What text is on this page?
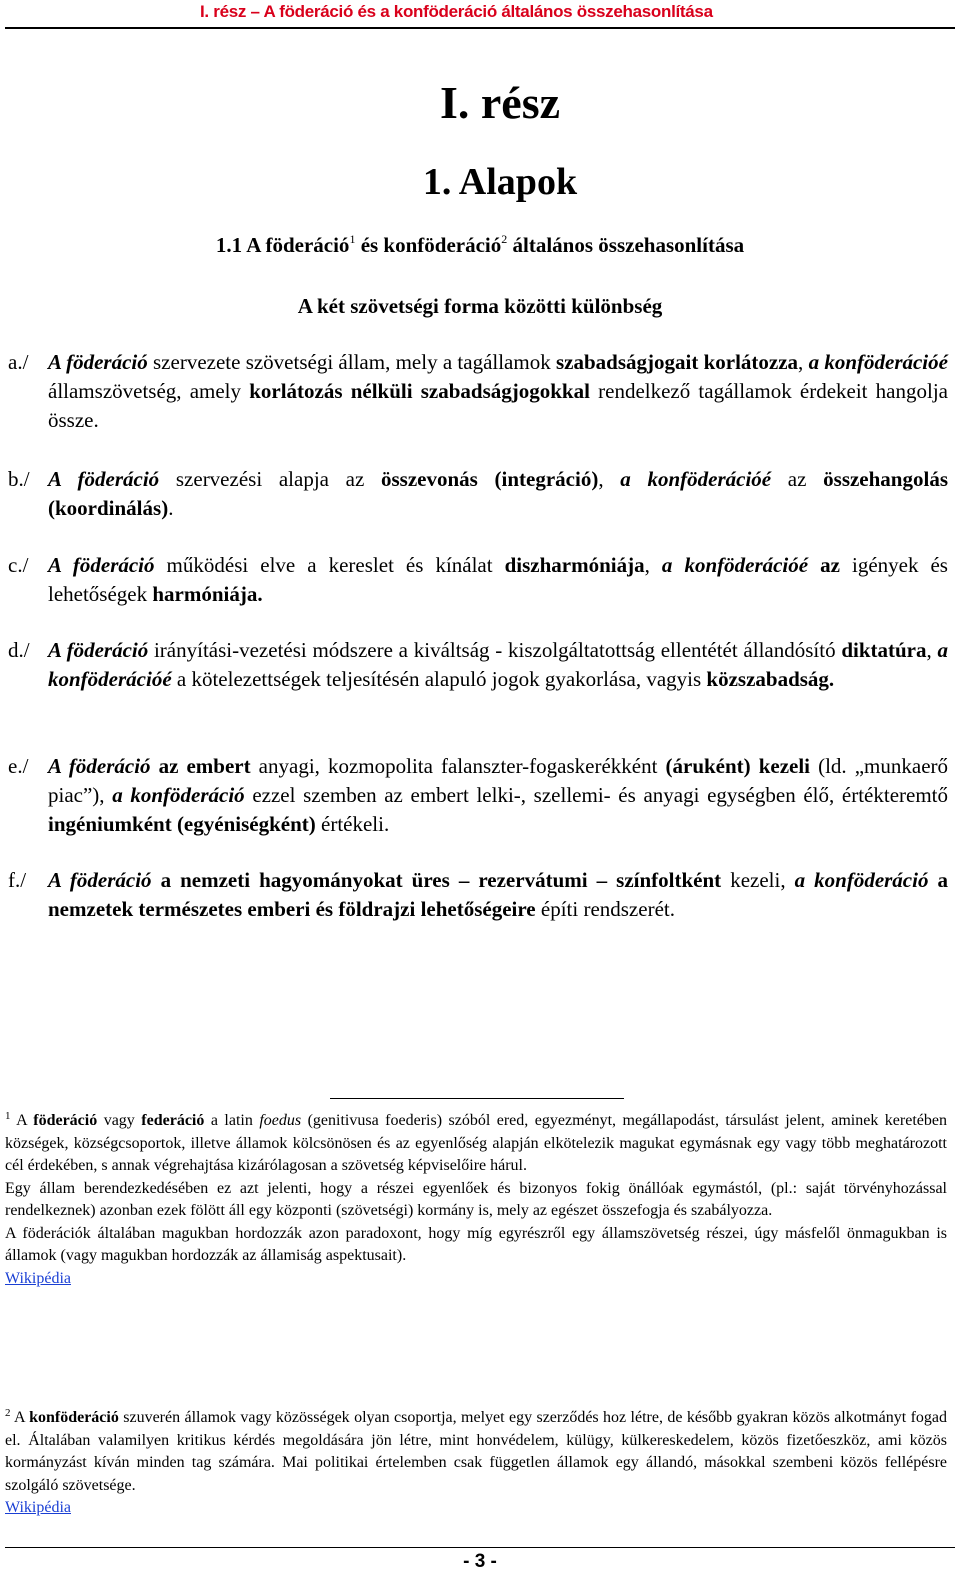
I. rész – A föderáció és a konföderáció általános összehasonlítása
I. rész
1. Alapok
1.1 A föderáció$^1$ és konföderáció$^2$ általános összehasonlítása
A két szövetségi forma közötti különbség
a./ A föderáció szervezete szövetségi állam, mely a tagállamok szabadságjogait korlátozza, a konföderációé államszövetség, amely korlátozás nélküli szabadságjogokkal rendelkező tagállamok érdekeit hangolja össze.
b./ A föderáció szervezési alapja az összevonás (integráció), a konföderációé az összehangolás (koordinálás).
c./ A föderáció működési elve a kereslet és kínálat diszharmóniája, a konföderációé az igények és lehetőségek harmóniája.
d./ A föderáció irányítási-vezetési módszere a kiváltság - kiszolgáltatottság ellentétét állandósító diktatúra, a konföderációé a kötelezettségek teljesítésén alapuló jogok gyakorlása, vagyis közszabadság.
e./ A föderáció az embert anyagi, kozmopolita falanszter-fogaskerékként (áruként) kezeli (ld. „munkaerő piac”), a konföderáció ezzel szemben az embert lelki-, szellemi- és anyagi egységben élő, értékteremtő ingéniumként (egyéniségként) értékeli.
f./ A föderáció a nemzeti hagyományokat üres – rezervátumi – színfoltként kezeli, a konföderáció a nemzetek természetes emberi és földrajzi lehetőségeire építi rendszerét.

$^1$ A föderáció vagy federáció a latin foedus (genitivusa foederis) szóból ered, egyezményt, megállapodást, társulást jelent, aminek keretében községek, községcsoportok, illetve államok kölcsönösen és az egyenlőség alapján elkötelezik magukat egymásnak egy vagy több meghatározott cél érdekében, s annak végrehajtása kizárólagosan a szövetség képviselőire hárul.

Egy állam berendezkedésében ez azt jelenti, hogy a részei egyenlőek és bizonyos fokig önállóak egymástól, (pl.: saját törvényhozással rendelkeznek) azonban ezek fölött áll egy központi (szövetségi) kormány is, mely az egészet összefogja és szabályozza.

A föderációk általában magukban hordozzák azon paradoxont, hogy míg egyrészről egy államszövetség részei, úgy másfelől önmagukban is államok (vagy magukban hordozzák az államiság aspektusait).

Wikipédia

$^2$ A konföderáció szuverén államok vagy közösségek olyan csoportja, melyet egy szerződés hoz létre, de később gyakran közös alkotmányt fogad el. Általában valamilyen kritikus kérdés megoldására jön létre, mint honvédelem, külügy, külkereskedelem, közös fizetőeszköz, ami közös kormányzást kíván minden tag számára. Mai politikai értelemben csak független államok egy állandó, másokkal szembeni közös fellépésre szolgáló szövetsége.

Wikipédia

- 3 -
